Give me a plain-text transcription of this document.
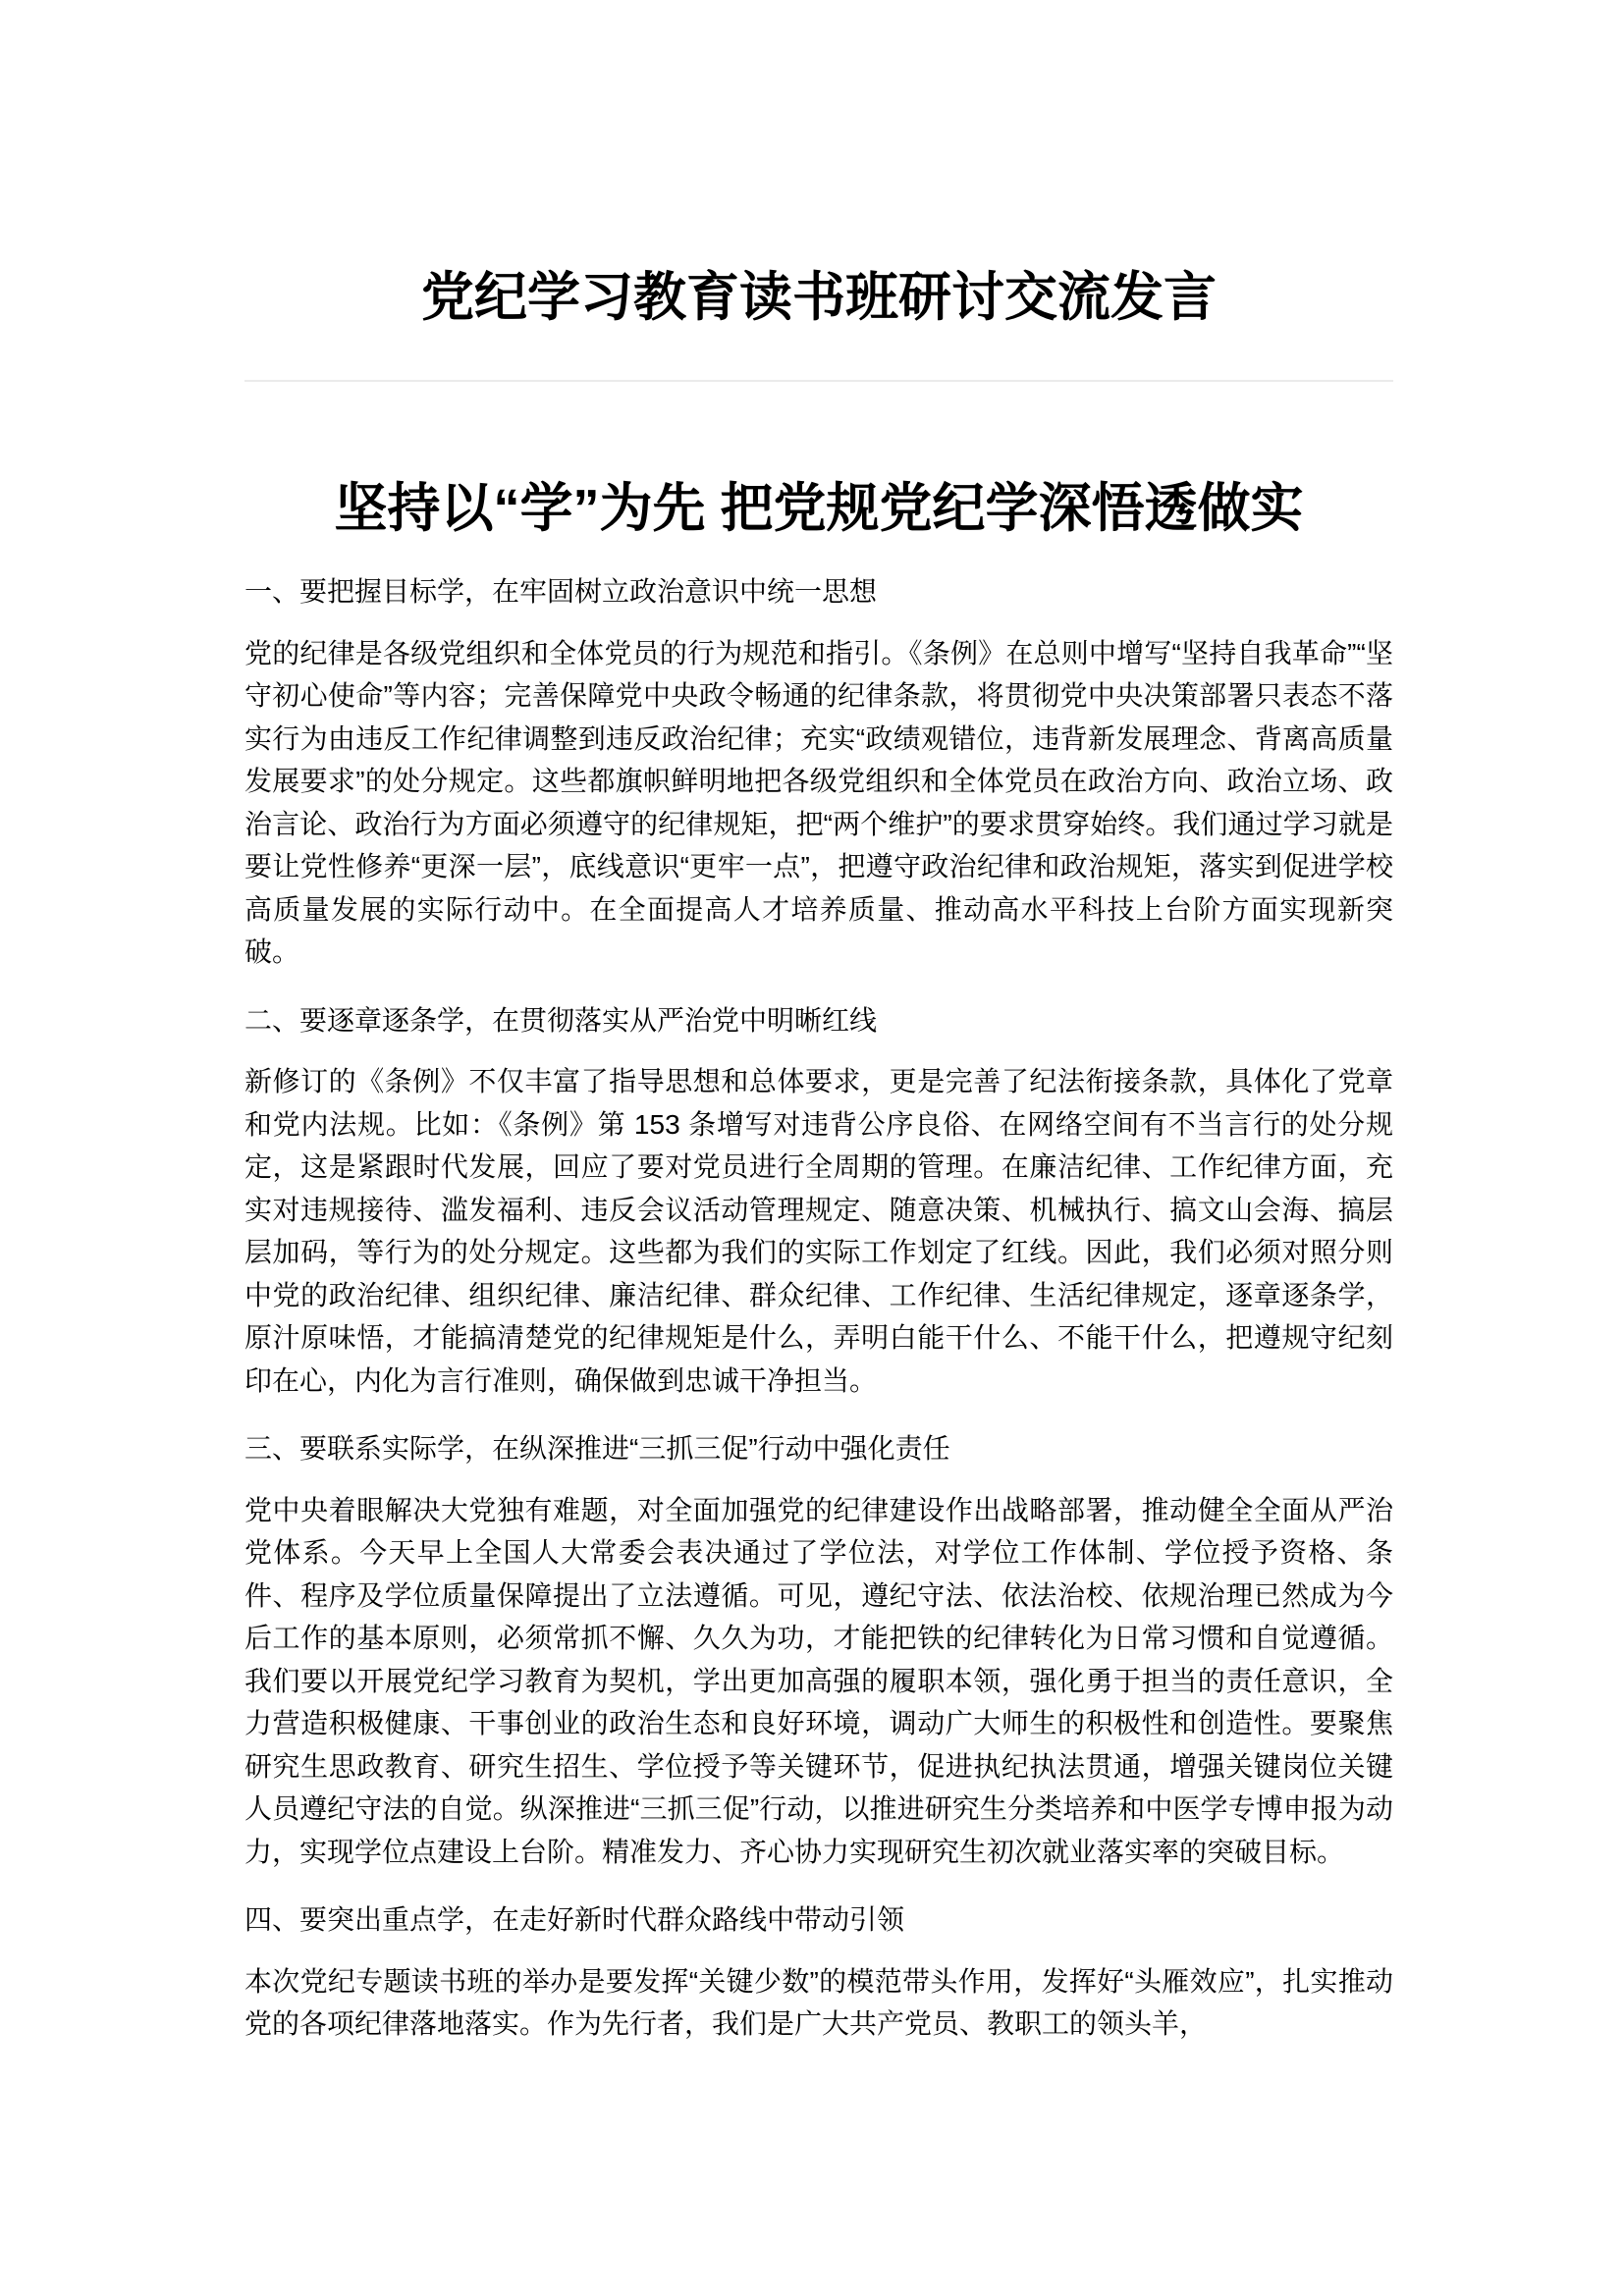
党纪学习教育读书班研讨交流发言
坚持以“学”为先 把党规党纪学深悟透做实
一、要把握目标学，在牢固树立政治意识中统一思想

党的纪律是各级党组织和全体党员的行为规范和指引。《条例》在总则中增写“坚持自我革命”“坚守初心使命”等内容；完善保障党中央政令畅通的纪律条款，将贯彻党中央决策部署只表态不落实行为由违反工作纪律调整到违反政治纪律；充实“政绩观错位，违背新发展理念、背离高质量发展要求”的处分规定。这些都旗帜鲜明地把各级党组织和全体党员在政治方向、政治立场、政治言论、政治行为方面必须遵守的纪律规矩，把“两个维护”的要求贯穿始终。我们通过学习就是要让党性修养“更深一层”，底线意识“更牢一点”，把遵守政治纪律和政治规矩，落实到促进学校高质量发展的实际行动中。在全面提高人才培养质量、推动高水平科技上台阶方面实现新突破。

二、要逐章逐条学，在贯彻落实从严治党中明晰红线

新修订的《条例》不仅丰富了指导思想和总体要求，更是完善了纪法衔接条款，具体化了党章和党内法规。比如：《条例》第 153 条增写对违背公序良俗、在网络空间有不当言行的处分规定，这是紧跟时代发展，回应了要对党员进行全周期的管理。在廉洁纪律、工作纪律方面，充实对违规接待、滥发福利、违反会议活动管理规定、随意决策、机械执行、搞文山会海、搞层层加码，等行为的处分规定。这些都为我们的实际工作划定了红线。因此，我们必须对照分则中党的政治纪律、组织纪律、廉洁纪律、群众纪律、工作纪律、生活纪律规定，逐章逐条学，原汁原味悟，才能搞清楚党的纪律规矩是什么，弄明白能干什么、不能干什么，把遵规守纪刻印在心，内化为言行准则，确保做到忠诚干净担当。

三、要联系实际学，在纵深推进“三抓三促”行动中强化责任

党中央着眼解决大党独有难题，对全面加强党的纪律建设作出战略部署，推动健全全面从严治党体系。今天早上全国人大常委会表决通过了学位法，对学位工作体制、学位授予资格、条件、程序及学位质量保障提出了立法遵循。可见，遵纪守法、依法治校、依规治理已然成为今后工作的基本原则，必须常抓不懈、久久为功，才能把铁的纪律转化为日常习惯和自觉遵循。我们要以开展党纪学习教育为契机，学出更加高强的履职本领，强化勇于担当的责任意识，全力营造积极健康、干事创业的政治生态和良好环境，调动广大师生的积极性和创造性。要聚焦研究生思政教育、研究生招生、学位授予等关键环节，促进执纪执法贯通，增强关键岗位关键人员遵纪守法的自觉。纵深推进“三抓三促”行动，以推进研究生分类培养和中医学专博申报为动力，实现学位点建设上台阶。精准发力、齐心协力实现研究生初次就业落实率的突破目标。

四、要突出重点学，在走好新时代群众路线中带动引领

本次党纪专题读书班的举办是要发挥“关键少数”的模范带头作用，发挥好“头雁效应”，扎实推动党的各项纪律落地落实。作为先行者，我们是广大共产党员、教职工的领头羊，
